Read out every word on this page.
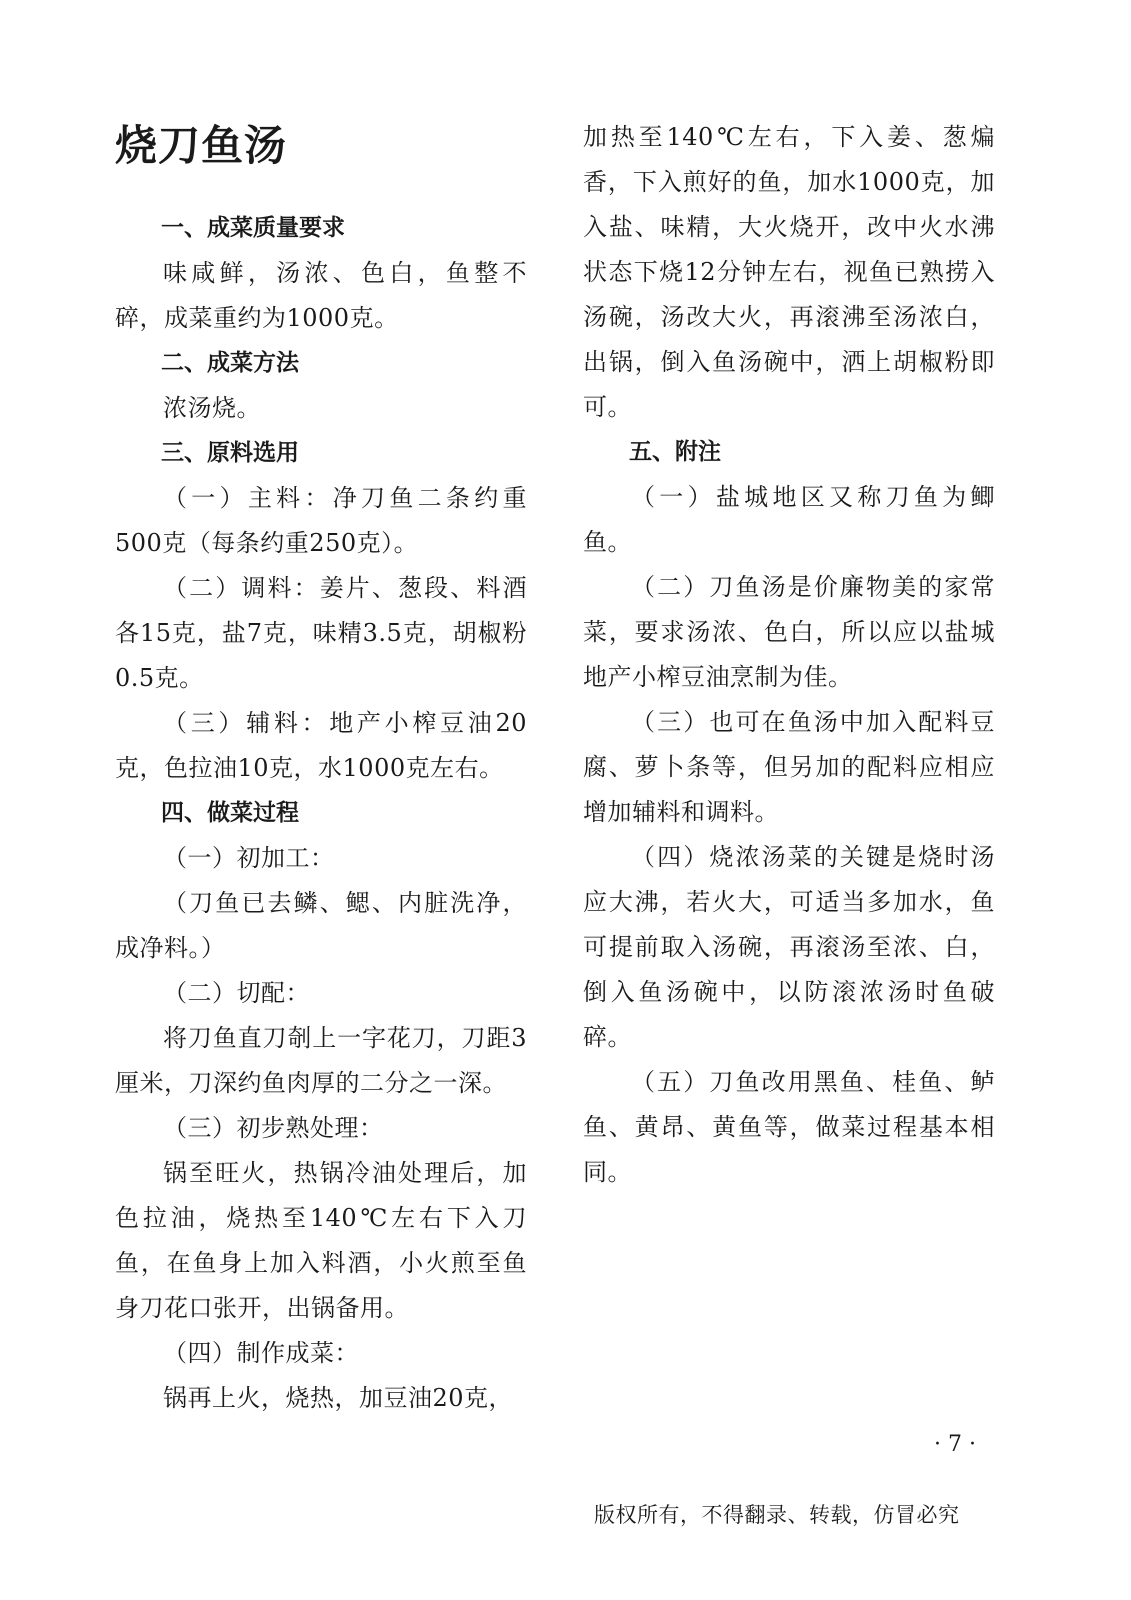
烧刀鱼汤
一、成菜质量要求

味咸鲜，汤浓、色白，鱼整不碎，成菜重约为1000克。

二、成菜方法

浓汤烧。

三、原料选用

（一）主料：净刀鱼二条约重500克（每条约重250克）。

（二）调料：姜片、葱段、料酒各15克，盐7克，味精3.5克，胡椒粉0.5克。

（三）辅料：地产小榨豆油20克，色拉油10克，水1000克左右。

四、做菜过程

（一）初加工：

（刀鱼已去鳞、鳃、内脏洗净，成净料。）

（二）切配：

将刀鱼直刀剞上一字花刀，刀距3厘米，刀深约鱼肉厚的二分之一深。

（三）初步熟处理：

锅至旺火，热锅冷油处理后，加色拉油，烧热至140℃左右下入刀鱼，在鱼身上加入料酒，小火煎至鱼身刀花口张开，出锅备用。

（四）制作成菜：

锅再上火，烧热，加豆油20克，

加热至140℃左右，下入姜、葱煸香，下入煎好的鱼，加水1000克，加入盐、味精，大火烧开，改中火水沸状态下烧12分钟左右，视鱼已熟捞入汤碗，汤改大火，再滚沸至汤浓白，出锅，倒入鱼汤碗中，洒上胡椒粉即可。

五、附注

（一）盐城地区又称刀鱼为鲫鱼。

（二）刀鱼汤是价廉物美的家常菜，要求汤浓、色白，所以应以盐城地产小榨豆油烹制为佳。

（三）也可在鱼汤中加入配料豆腐、萝卜条等，但另加的配料应相应增加辅料和调料。

（四）烧浓汤菜的关键是烧时汤应大沸，若火大，可适当多加水，鱼可提前取入汤碗，再滚汤至浓、白，倒入鱼汤碗中，以防滚浓汤时鱼破碎。

（五）刀鱼改用黑鱼、桂鱼、鲈鱼、黄昂、黄鱼等，做菜过程基本相同。

· 7 ·
版权所有，不得翻录、转载，仿冒必究
